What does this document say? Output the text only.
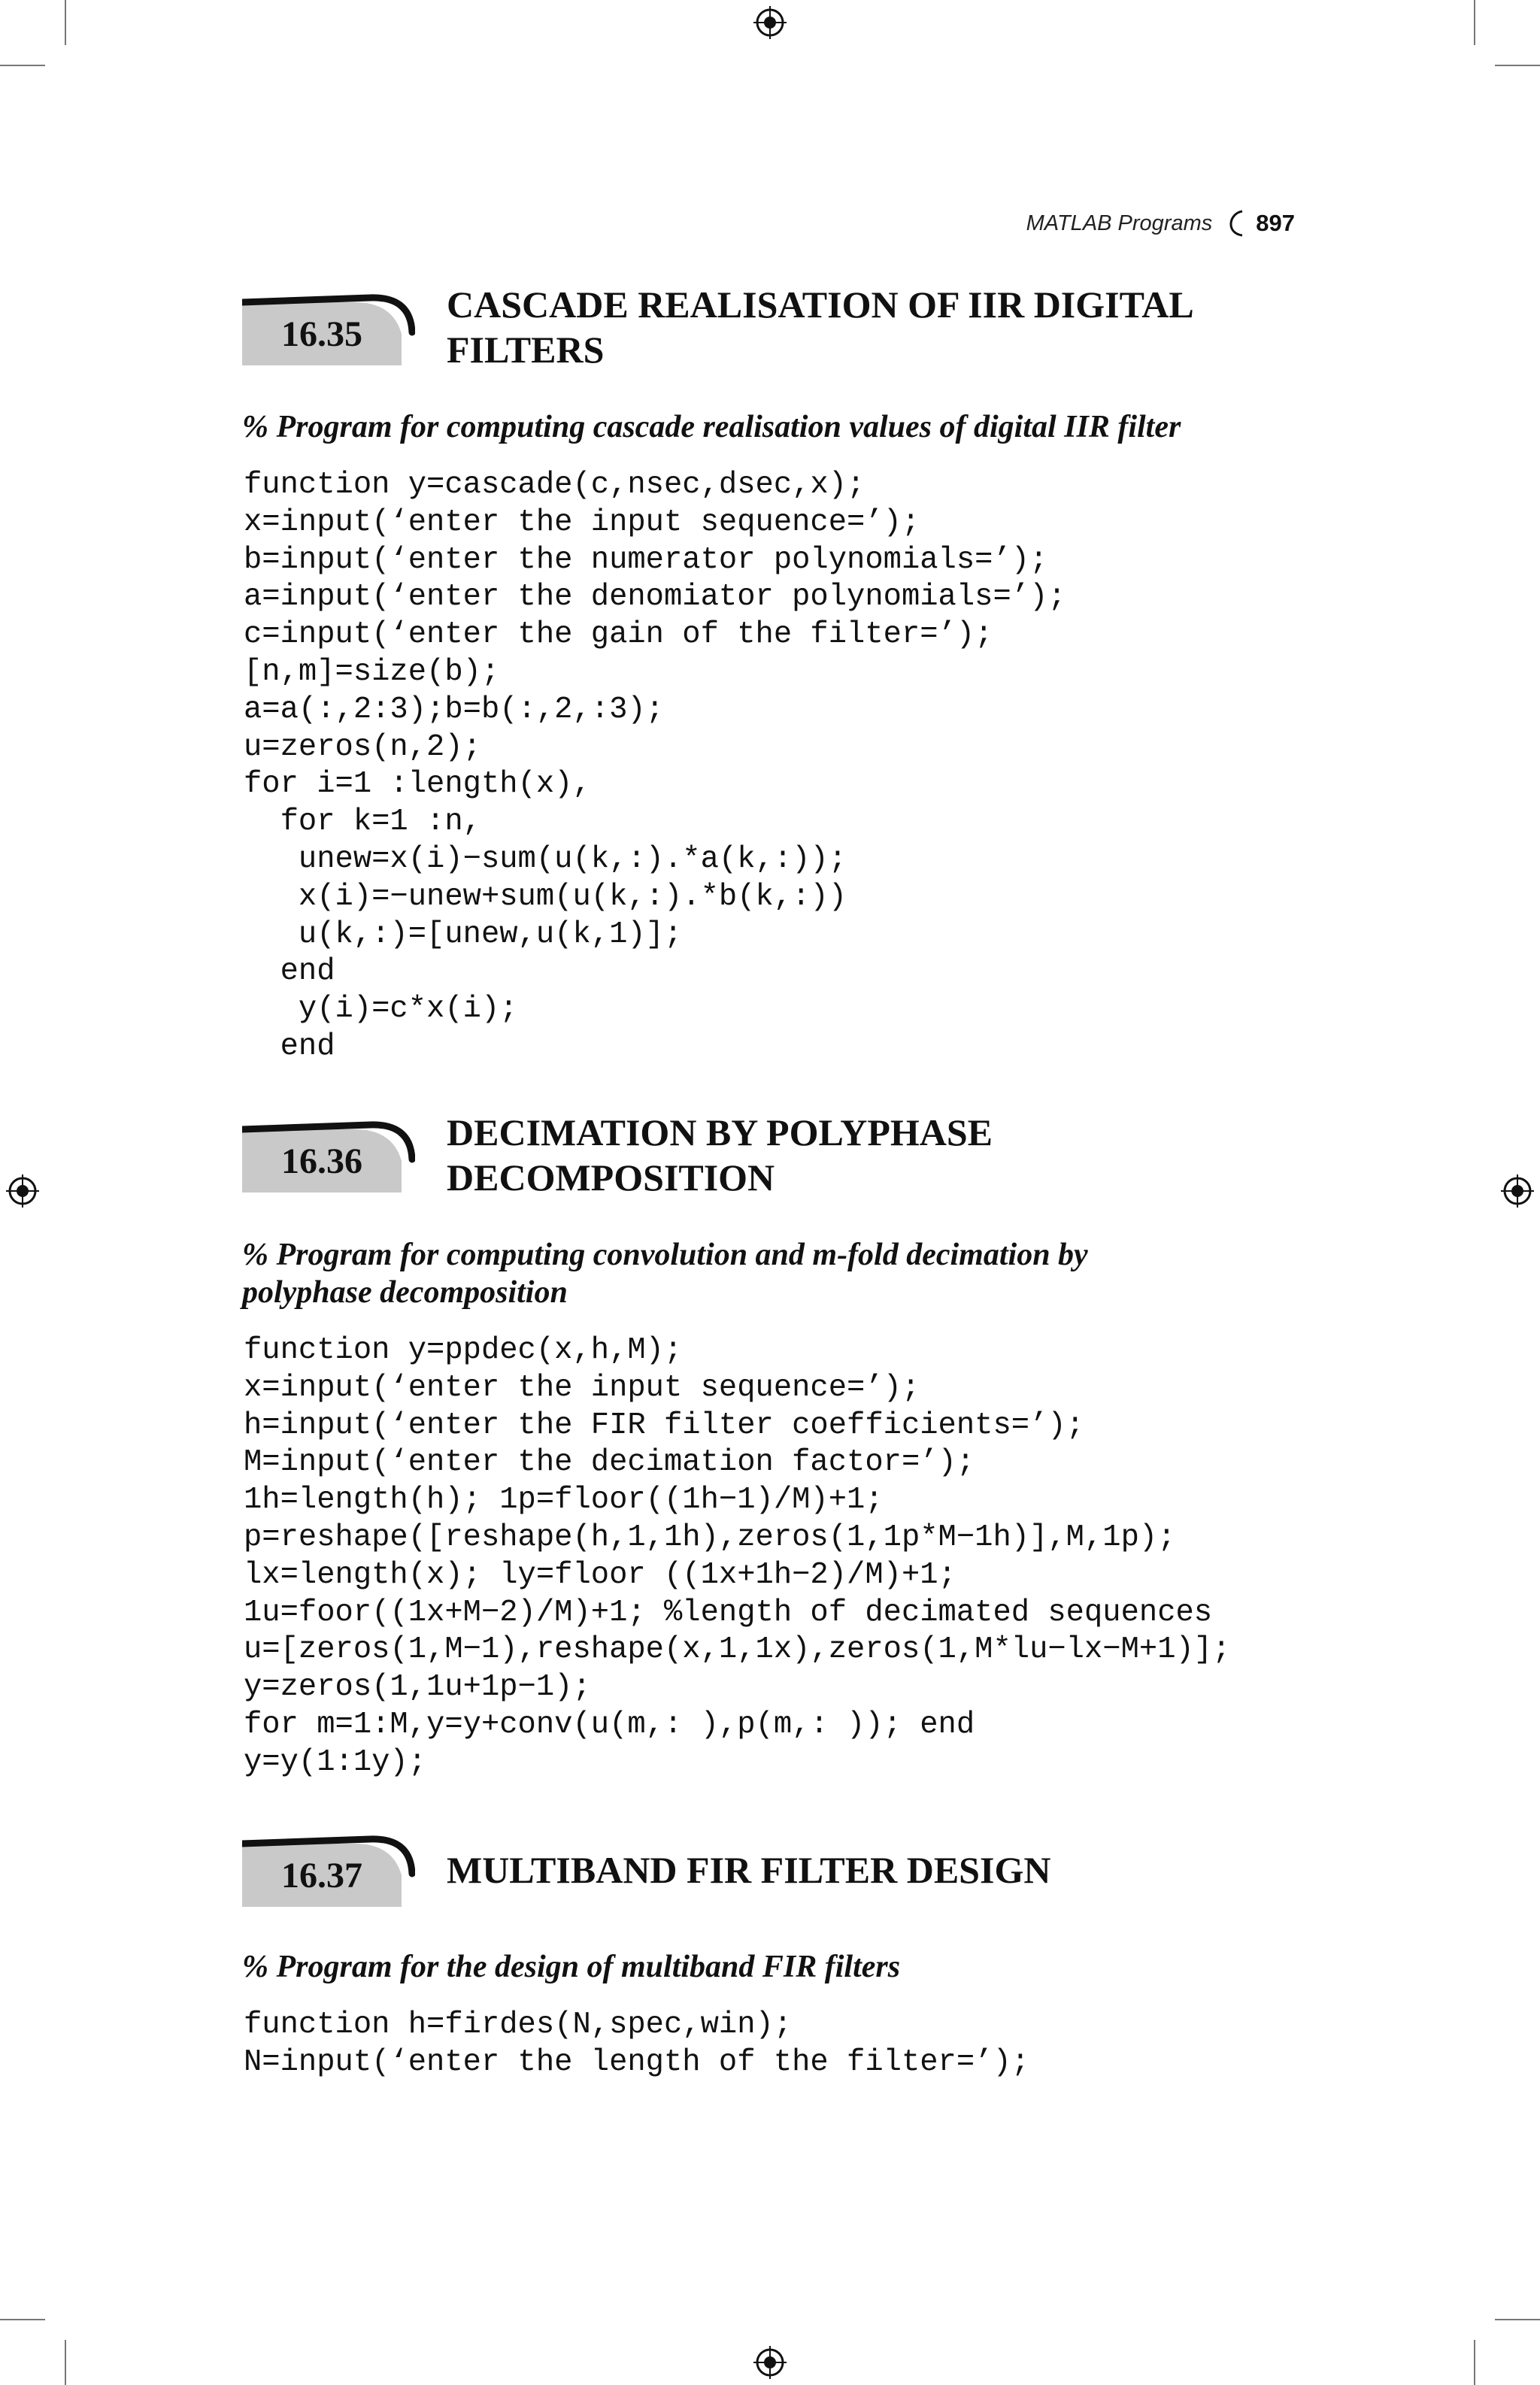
MATLAB Programs 897
16.35
CASCADE REALISATION OF IIR DIGITAL
FILTERS
% Program for computing cascade realisation values of digital IIR filter
function y=cascade(c,nsec,dsec,x);
x=input(‘enter the input sequence=’);
b=input(‘enter the numerator polynomials=’);
a=input(‘enter the denomiator polynomials=’);
c=input(‘enter the gain of the filter=’);
[n,m]=size(b);
a=a(:,2:3);b=b(:,2,:3);
u=zeros(n,2);
for i=1 :length(x),
for k=1 :n,
unew=x(i)−sum(u(k,:).*a(k,:));
x(i)=−unew+sum(u(k,:).*b(k,:))
u(k,:)=[unew,u(k,1)];
end
y(i)=c*x(i);
end
16.36
DECIMATION BY POLYPHASE
DECOMPOSITION
% Program for computing convolution and m-fold decimation by
polyphase decomposition
function y=ppdec(x,h,M);
x=input(‘enter the input sequence=’);
h=input(‘enter the FIR filter coefficients=’);
M=input(‘enter the decimation factor=’);
1h=length(h); 1p=floor((1h−1)/M)+1;
p=reshape([reshape(h,1,1h),zeros(1,1p*M−1h)],M,1p);
lx=length(x); ly=floor ((1x+1h−2)/M)+1;
1u=foor((1x+M−2)/M)+1; %length of decimated sequences
u=[zeros(1,M−1),reshape(x,1,1x),zeros(1,M*lu−lx−M+1)];
y=zeros(1,1u+1p−1);
for m=1:M,y=y+conv(u(m,: ),p(m,: )); end
y=y(1:1y);
16.37	MULTIBAND FIR FILTER DESIGN
% Program for the design of multiband FIR filters
function h=firdes(N,spec,win);
N=input(‘enter the length of the filter=’);
